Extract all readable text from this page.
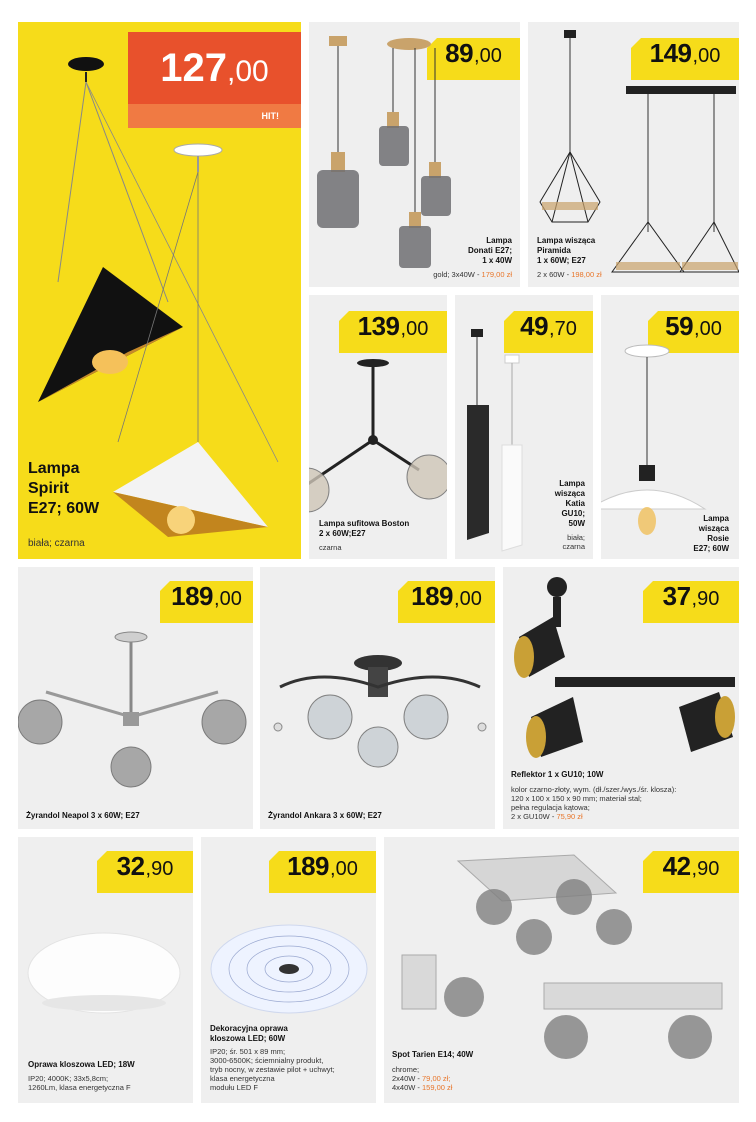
127 ,00
HIT!
Lampa
Spirit
E27; 60W
biała; czarna
89 ,00
Lampa
Donati E27;
1 x 40W
gold; 3x40W - 179,00 zł
149 ,00
Lampa wisząca
Piramida
1 x 60W; E27
2 x 60W - 198,00 zł
139 ,00
Lampa sufitowa Boston
2 x 60W;E27
czarna
49 ,70
Lampa
wisząca
Katia
GU10;
50W
biała;
czarna
59 ,00
Lampa
wisząca
Rosie
E27; 60W
189 ,00
Żyrandol Neapol 3 x 60W; E27
189 ,00
Żyrandol Ankara 3 x 60W; E27
37 ,90
Reflektor 1 x GU10; 10W
kolor czarno-złoty, wym. (dł./szer./wys./śr. klosza):
120 x 100 x 150 x 90 mm; materiał stal;
pełna regulacja kątowa;
2 x GU10W - 75,90 zł
32 ,90
Oprawa kloszowa LED; 18W
IP20; 4000K; 33x5,8cm;
1260Lm, klasa energetyczna F
189 ,00
Dekoracyjna oprawa
kloszowa LED; 60W
IP20; śr. 501 x 89 mm;
3000-6500K; ściemnialny produkt,
tryb nocny, w zestawie pilot + uchwyt;
klasa energetyczna
modułu LED F
42 ,90
Spot Tarien E14; 40W
chrome;
2x40W - 79,00 zł;
4x40W - 159,00 zł
